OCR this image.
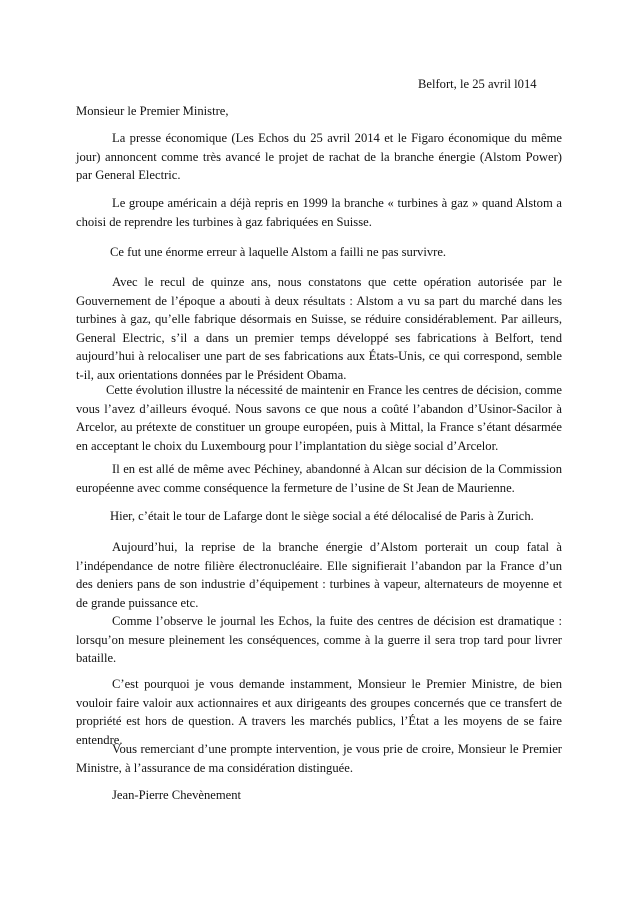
Belfort, le 25 avril l014

Monsieur le Premier Ministre,

La presse économique (Les Echos du 25 avril 2014 et le Figaro économique du même jour) annoncent comme très avancé le projet de rachat de la branche énergie (Alstom Power) par General Electric.

Le groupe américain a déjà repris en 1999 la branche « turbines à gaz » quand Alstom a choisi de reprendre les turbines à gaz fabriquées en Suisse.

Ce fut une énorme erreur à laquelle Alstom a failli ne pas survivre.

Avec le recul de quinze ans, nous constatons que cette opération autorisée par le Gouvernement de l’époque a abouti à deux résultats : Alstom a vu sa part du marché dans les turbines à gaz, qu’elle fabrique désormais en Suisse, se réduire considérablement. Par ailleurs, General Electric, s’il a dans un premier temps développé ses fabrications à Belfort, tend aujourd’hui à relocaliser une part de ses fabrications aux États-Unis, ce qui correspond, semble t-il, aux orientations données par le Président Obama.

Cette évolution illustre la nécessité de maintenir en France les centres de décision, comme vous l’avez d’ailleurs évoqué. Nous savons ce que nous a coûté l’abandon d’Usinor-Sacilor à Arcelor, au prétexte de constituer un groupe européen, puis à Mittal, la France s’étant désarmée en acceptant le choix du Luxembourg pour l’implantation du siège social d’Arcelor.

Il en est allé de même avec Péchiney, abandonné à Alcan sur décision de la Commission européenne avec comme conséquence la fermeture de l’usine de St Jean de Maurienne.

Hier, c’était le tour de Lafarge dont le siège social a été délocalisé de Paris à Zurich.

Aujourd’hui, la reprise de la branche énergie d’Alstom porterait un coup fatal à l’indépendance de notre filière électronucléaire. Elle signifierait l’abandon par la France d’un des deniers pans de son industrie d’équipement : turbines à vapeur, alternateurs de moyenne et de grande puissance etc.

Comme l’observe le journal les Echos, la fuite des centres de décision est dramatique : lorsqu’on mesure pleinement les conséquences, comme à la guerre il sera trop tard pour livrer bataille.

C’est pourquoi je vous demande instamment, Monsieur le Premier Ministre, de bien vouloir faire valoir aux actionnaires et aux dirigeants des groupes concernés que ce transfert de propriété est hors de question. A travers les marchés publics, l’État a les moyens de se faire entendre.

Vous remerciant d’une prompte intervention, je vous prie de croire, Monsieur le Premier Ministre, à l’assurance de ma considération distinguée.

Jean-Pierre Chevènement
